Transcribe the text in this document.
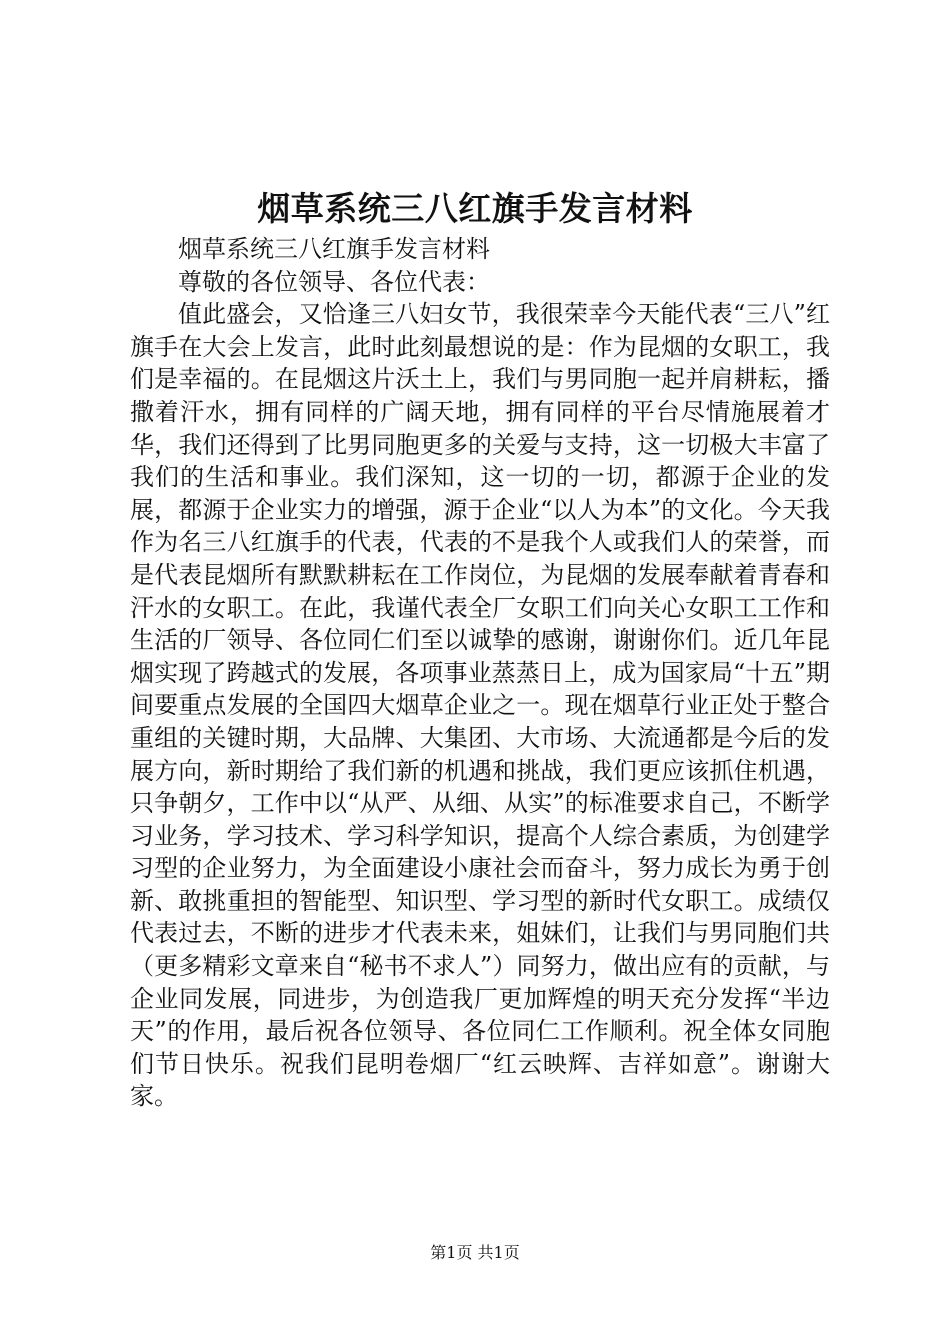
烟草系统三八红旗手发言材料

烟草系统三八红旗手发言材料

尊敬的各位领导、各位代表：

值此盛会，又恰逢三八妇女节，我很荣幸今天能代表“三八”红旗手在大会上发言，此时此刻最想说的是：作为昆烟的女职工，我们是幸福的。在昆烟这片沃土上，我们与男同胞一起并肩耕耘，播撒着汗水，拥有同样的广阔天地，拥有同样的平台尽情施展着才华，我们还得到了比男同胞更多的关爱与支持，这一切极大丰富了我们的生活和事业。我们深知，这一切的一切，都源于企业的发展，都源于企业实力的增强，源于企业“以人为本”的文化。今天我作为名三八红旗手的代表，代表的不是我个人或我们人的荣誉，而是代表昆烟所有默默耕耘在工作岗位，为昆烟的发展奉献着青春和汗水的女职工。在此，我谨代表全厂女职工们向关心女职工工作和生活的厂领导、各位同仁们至以诚挚的感谢，谢谢你们。近几年昆烟实现了跨越式的发展，各项事业蒸蒸日上，成为国家局“十五”期间要重点发展的全国四大烟草企业之一。现在烟草行业正处于整合重组的关键时期，大品牌、大集团、大市场、大流通都是今后的发展方向，新时期给了我们新的机遇和挑战，我们更应该抓住机遇，只争朝夕，工作中以“从严、从细、从实”的标准要求自己，不断学习业务，学习技术、学习科学知识，提高个人综合素质，为创建学习型的企业努力，为全面建设小康社会而奋斗，努力成长为勇于创新、敢挑重担的智能型、知识型、学习型的新时代女职工。成绩仅代表过去，不断的进步才代表未来，姐妹们，让我们与男同胞们共（更多精彩文章来自“秘书不求人”）同努力，做出应有的贡献，与企业同发展，同进步，为创造我厂更加辉煌的明天充分发挥“半边天”的作用，最后祝各位领导、各位同仁工作顺利。祝全体女同胞们节日快乐。祝我们昆明卷烟厂“红云映辉、吉祥如意”。谢谢大家。

第1页 共1页
